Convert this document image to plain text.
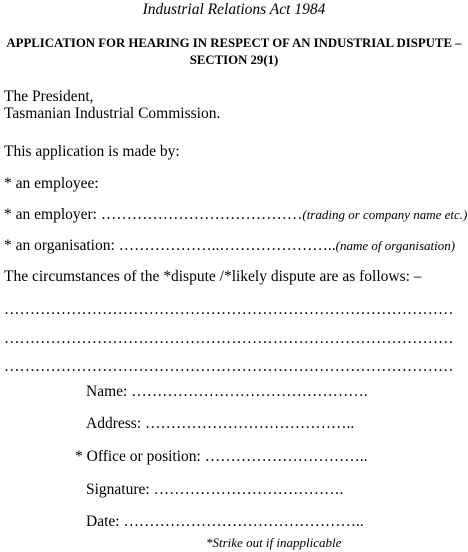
Industrial Relations Act 1984
APPLICATION FOR HEARING IN RESPECT OF AN INDUSTRIAL DISPUTE –
SECTION 29(1)
The President,
Tasmanian Industrial Commission.
This application is made by:
* an employee:
* an employer: …………………………………(trading or company name etc.)
* an organisation: ………………..…………………..(name of organisation)
The circumstances of the *dispute /*likely dispute are as follows: –
……………………………………………………………………………
……………………………………………………………………………
……………………………………………………………………………
Name: ……………………………………….
Address: …………………………………..
* Office or position: …………………………..
Signature: ……………………………….
Date: ………………………………………..
*Strike out if inapplicable
